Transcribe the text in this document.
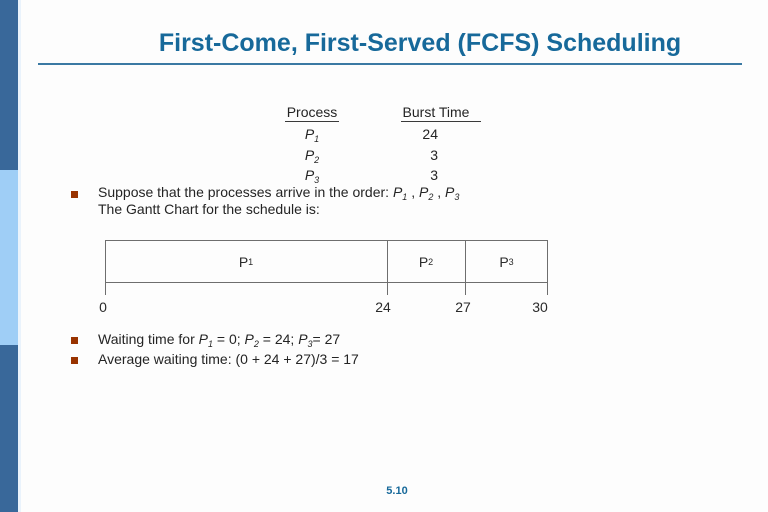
First-Come, First-Served (FCFS) Scheduling
Process	Burst Time
$P_1$	24
$P_2$	3
$P_3$	3
Suppose that the processes arrive in the order: $P_1$ , $P_2$ , $P_3$
The Gantt Chart for the schedule is:
P 1	P 2	P 3
0	24	27	30
Waiting time for $P_1 = 0$; $P_2 = 24$; $P_3= 27$
Average waiting time: (0 + 24 + 27)/3 = 17
5.10
